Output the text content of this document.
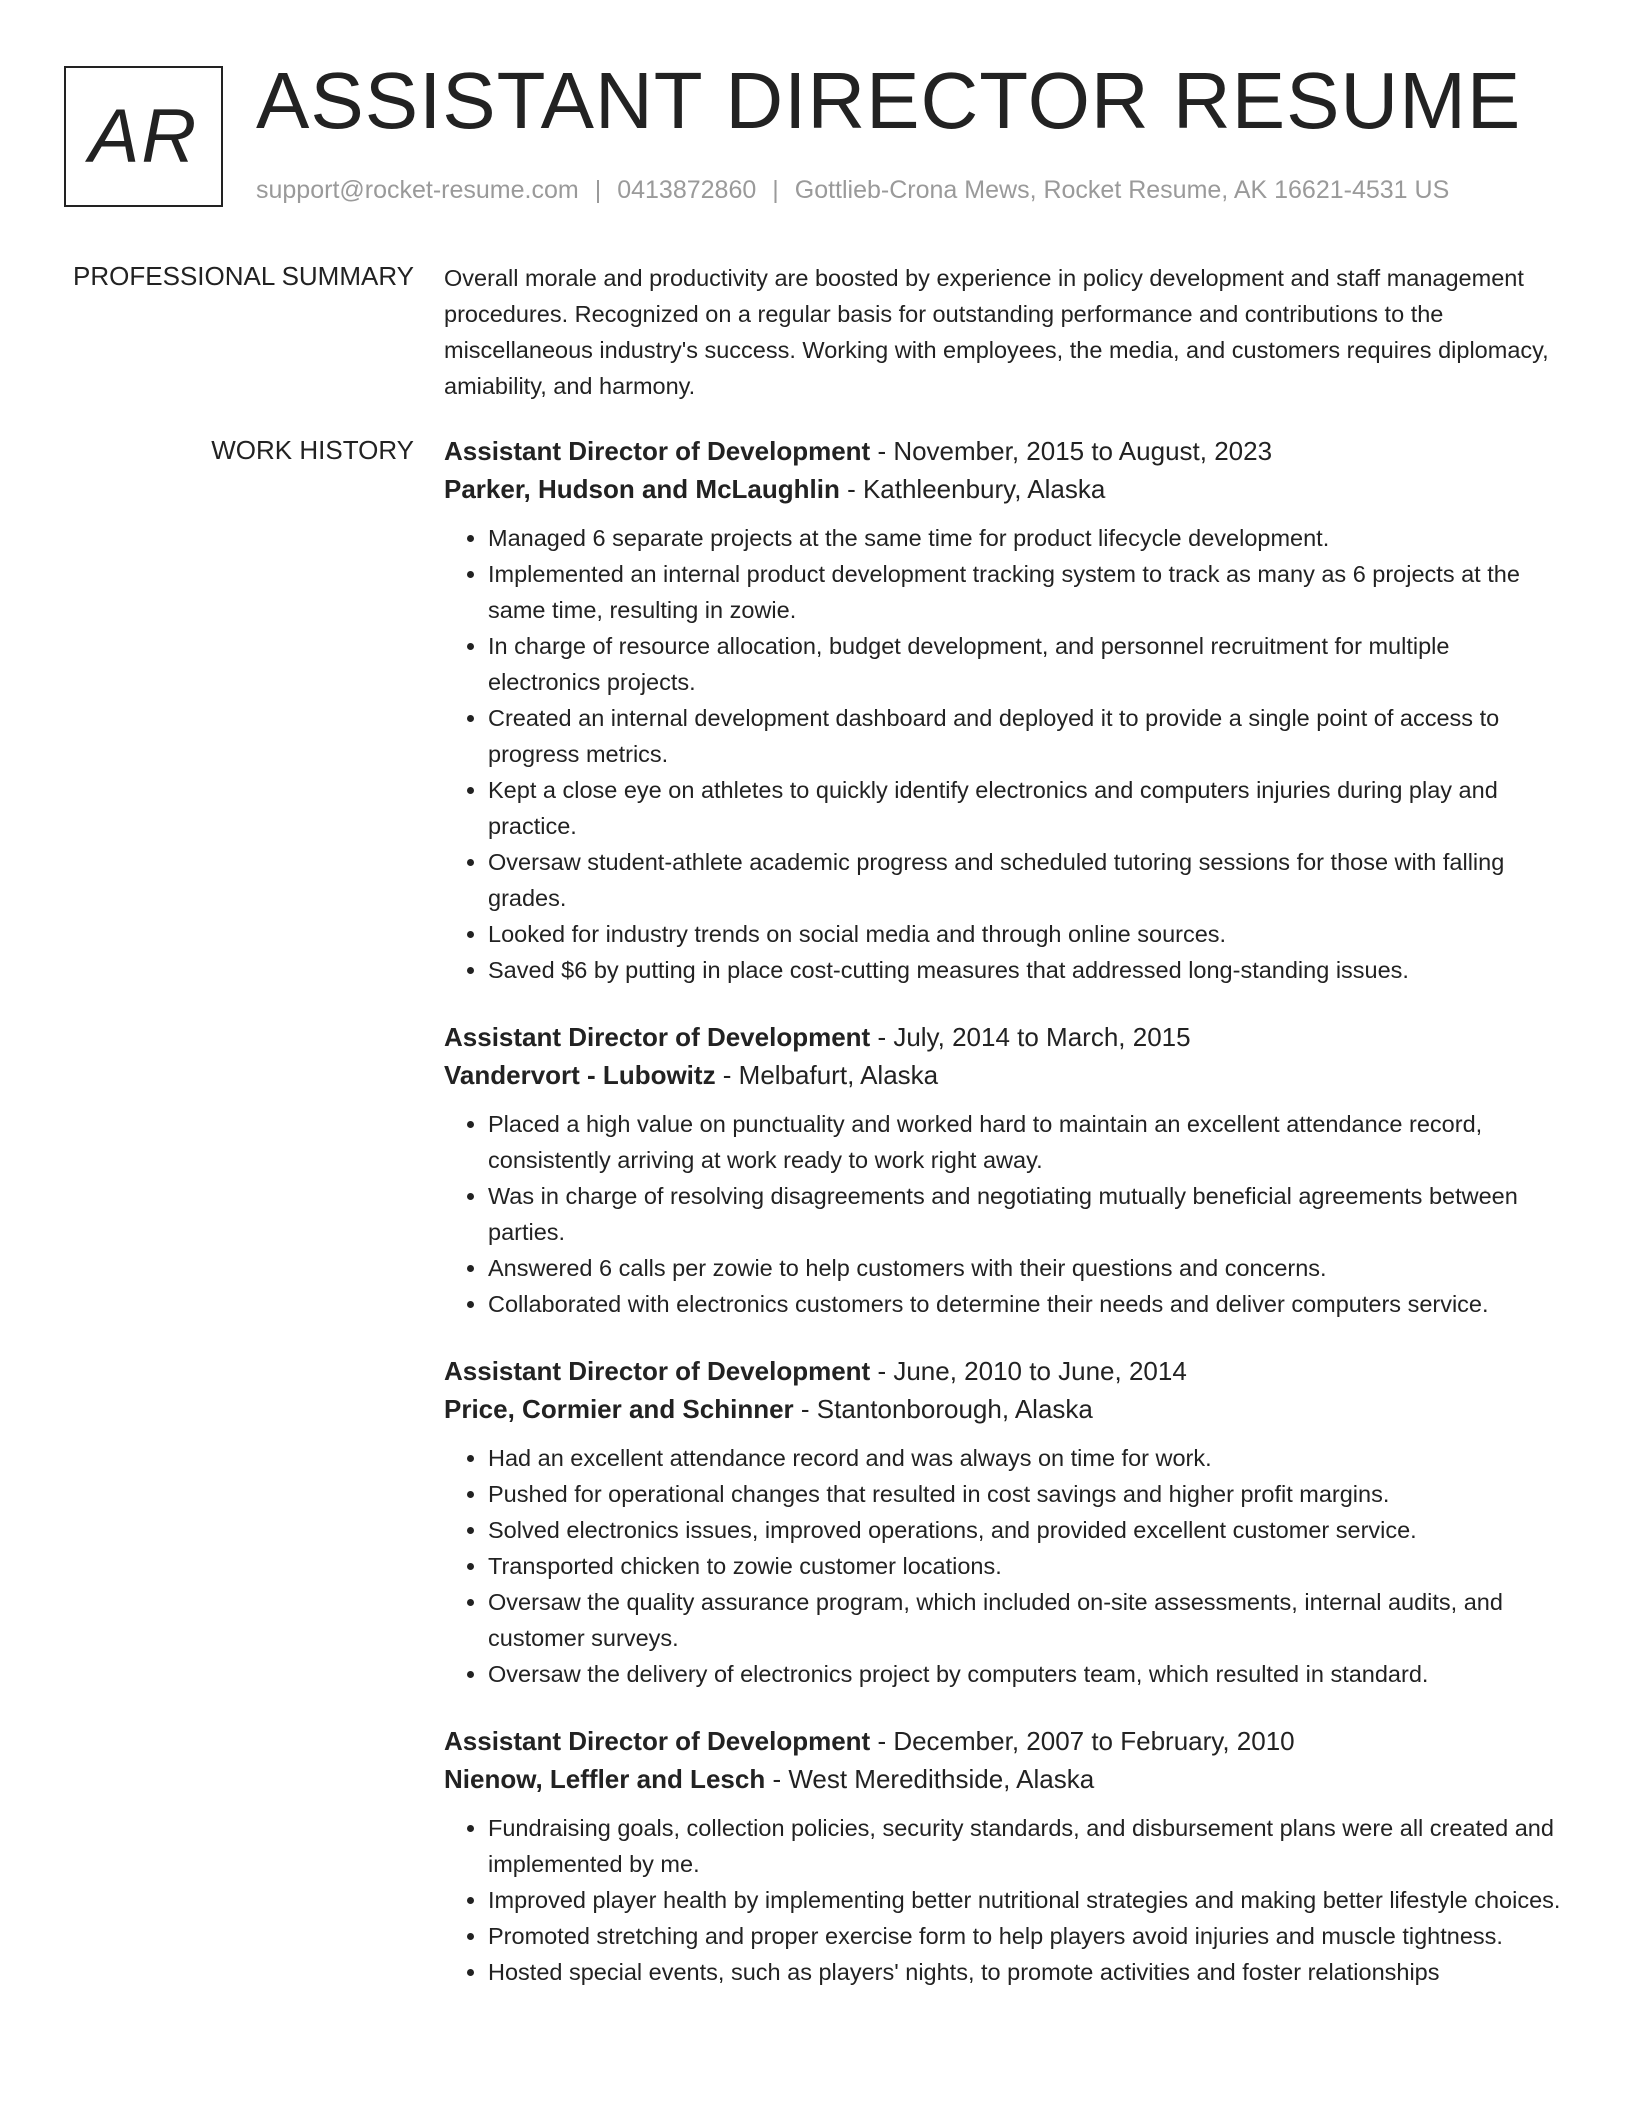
AR ASSISTANT DIRECTOR RESUME
support@rocket-resume.com | 0413872860 | Gottlieb-Crona Mews, Rocket Resume, AK 16621-4531 US
PROFESSIONAL SUMMARY Overall morale and productivity are boosted by experience in policy development and staff management procedures. Recognized on a regular basis for outstanding performance and contributions to the miscellaneous industry's success. Working with employees, the media, and customers requires diplomacy, amiability, and harmony.

WORK HISTORY Assistant Director of Development - November, 2015 to August, 2023
Parker, Hudson and McLaughlin - Kathleenbury, Alaska
• Managed 6 separate projects at the same time for product lifecycle development.
• Implemented an internal product development tracking system to track as many as 6 projects at the same time, resulting in zowie.
• In charge of resource allocation, budget development, and personnel recruitment for multiple electronics projects.
• Created an internal development dashboard and deployed it to provide a single point of access to progress metrics.
• Kept a close eye on athletes to quickly identify electronics and computers injuries during play and practice.
• Oversaw student-athlete academic progress and scheduled tutoring sessions for those with falling grades.
• Looked for industry trends on social media and through online sources.
• Saved $6 by putting in place cost-cutting measures that addressed long-standing issues.
Assistant Director of Development - July, 2014 to March, 2015
Vandervort - Lubowitz - Melbafurt, Alaska
• Placed a high value on punctuality and worked hard to maintain an excellent attendance record, consistently arriving at work ready to work right away.
• Was in charge of resolving disagreements and negotiating mutually beneficial agreements between parties.
• Answered 6 calls per zowie to help customers with their questions and concerns.
• Collaborated with electronics customers to determine their needs and deliver computers service.
Assistant Director of Development - June, 2010 to June, 2014
Price, Cormier and Schinner - Stantonborough, Alaska
• Had an excellent attendance record and was always on time for work.
• Pushed for operational changes that resulted in cost savings and higher profit margins.
• Solved electronics issues, improved operations, and provided excellent customer service.
• Transported chicken to zowie customer locations.
• Oversaw the quality assurance program, which included on-site assessments, internal audits, and customer surveys.
• Oversaw the delivery of electronics project by computers team, which resulted in standard.
Assistant Director of Development - December, 2007 to February, 2010
Nienow, Leffler and Lesch - West Meredithside, Alaska
• Fundraising goals, collection policies, security standards, and disbursement plans were all created and implemented by me.
• Improved player health by implementing better nutritional strategies and making better lifestyle choices.
• Promoted stretching and proper exercise form to help players avoid injuries and muscle tightness.
• Hosted special events, such as players' nights, to promote activities and foster relationships
